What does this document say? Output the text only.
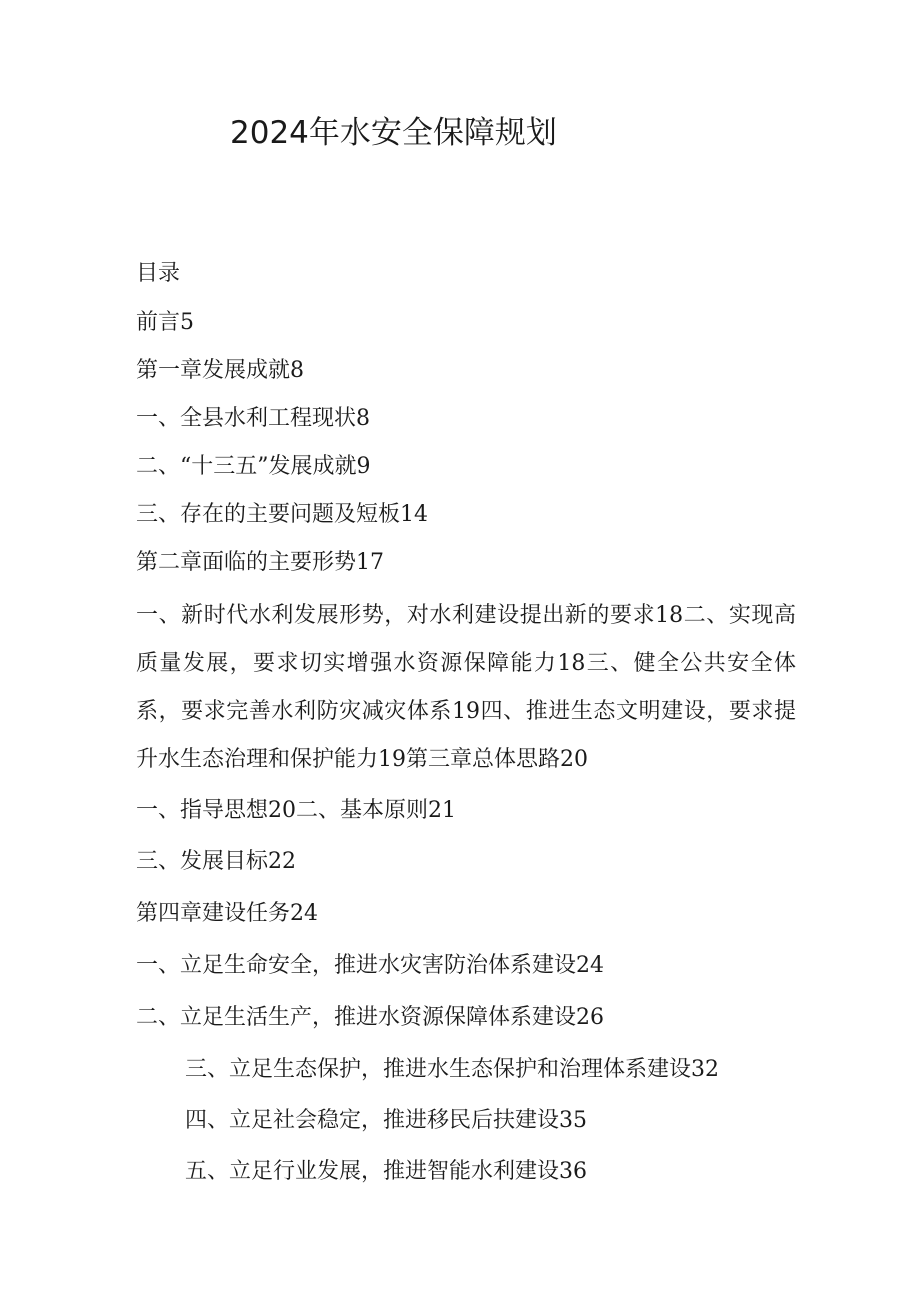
2024年水安全保障规划
目录
前言5
第一章发展成就8
一、全县水利工程现状8
二、“十三五”发展成就9
三、存在的主要问题及短板14
第二章面临的主要形势17
一、新时代水利发展形势，对水利建设提出新的要求18二、实现高质量发展，要求切实增强水资源保障能力18三、健全公共安全体系，要求完善水利防灾减灾体系19四、推进生态文明建设，要求提升水生态治理和保护能力19第三章总体思路20
一、指导思想20二、基本原则21
三、发展目标22
第四章建设任务24
一、立足生命安全，推进水灾害防治体系建设24
二、立足生活生产，推进水资源保障体系建设26
三、立足生态保护，推进水生态保护和治理体系建设32
四、立足社会稳定，推进移民后扶建设35
五、立足行业发展，推进智能水利建设36
